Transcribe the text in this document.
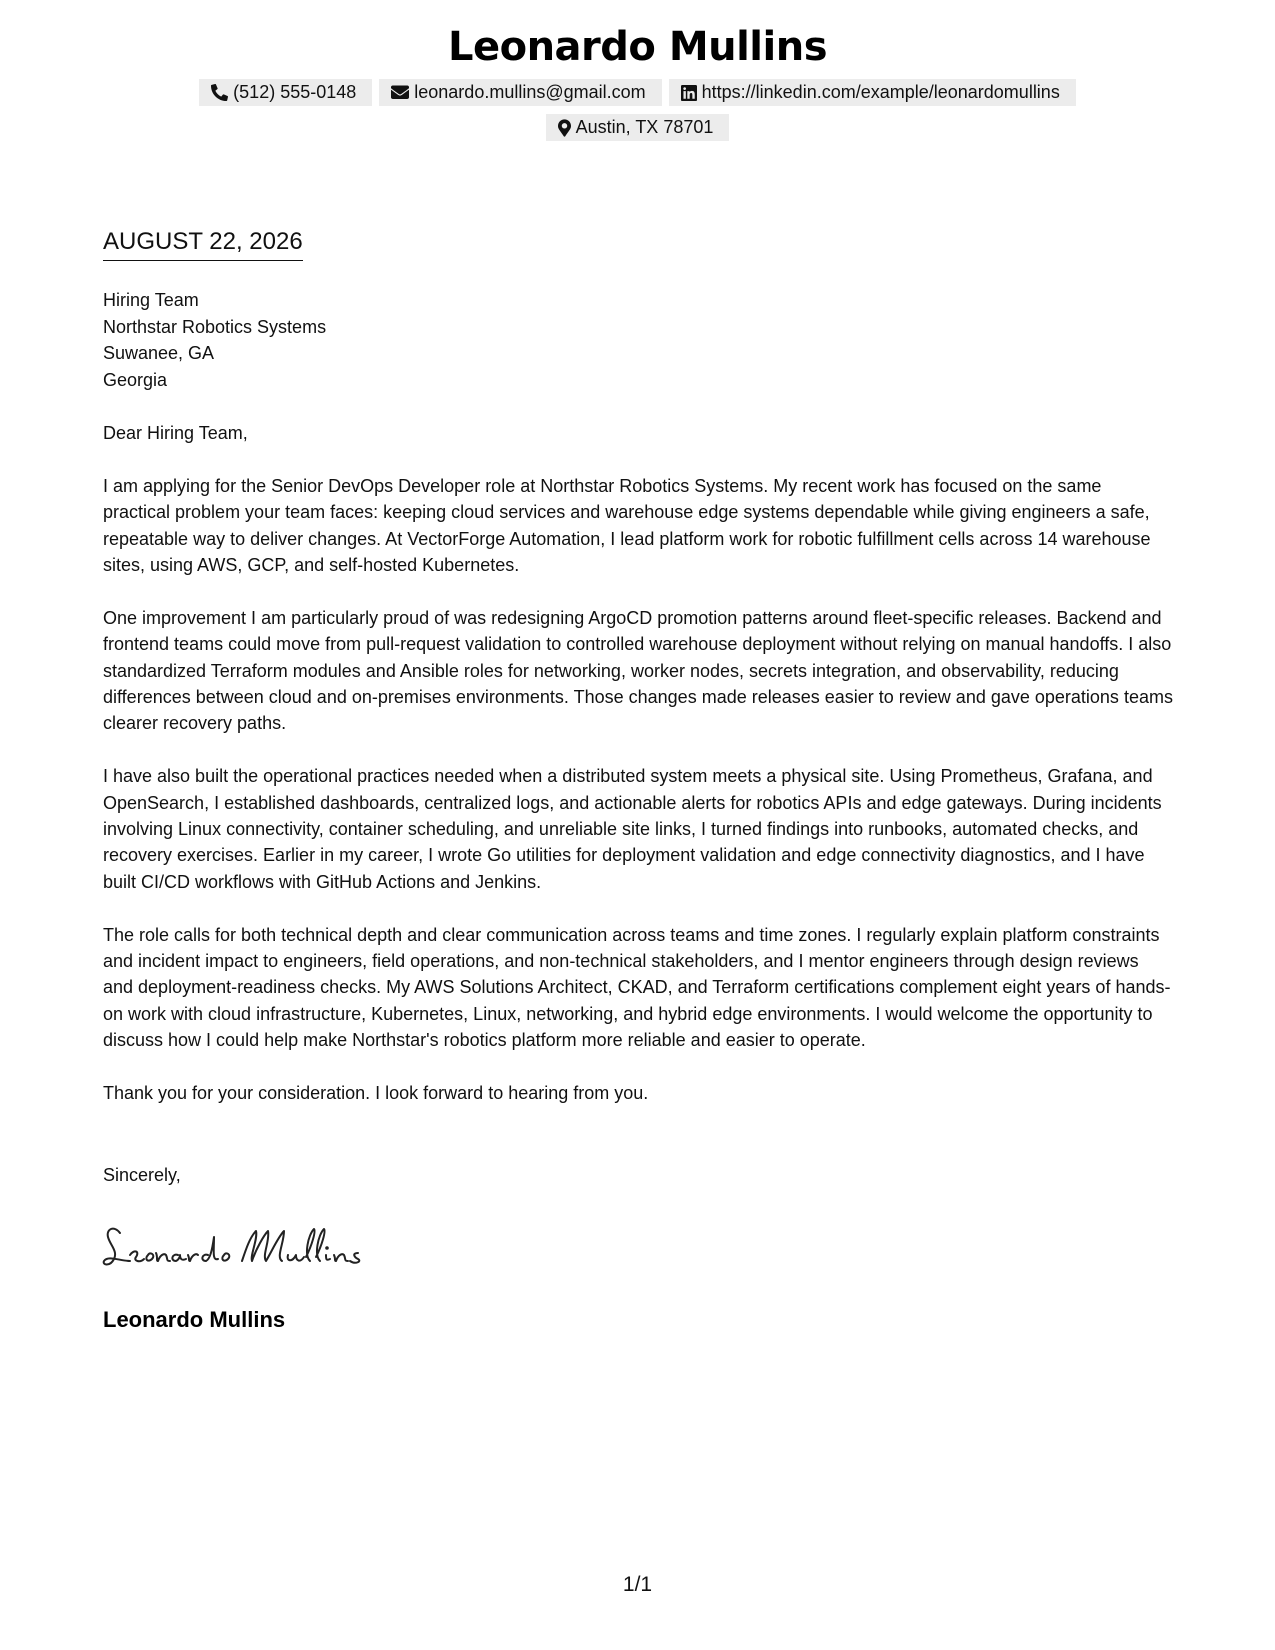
Leonardo Mullins
(512) 555-0148	leonardo.mullins@gmail.com	https://linkedin.com/example/leonardomullins
Austin, TX 78701
AUGUST 22, 2026
Hiring Team
Northstar Robotics Systems
Suwanee, GA
Georgia

Dear Hiring Team,

I am applying for the Senior DevOps Developer role at Northstar Robotics Systems. My recent work has focused on the same practical problem your team faces: keeping cloud services and warehouse edge systems dependable while giving engineers a safe, repeatable way to deliver changes. At VectorForge Automation, I lead platform work for robotic fulfillment cells across 14 warehouse sites, using AWS, GCP, and self-hosted Kubernetes.

One improvement I am particularly proud of was redesigning ArgoCD promotion patterns around fleet-specific releases. Backend and frontend teams could move from pull-request validation to controlled warehouse deployment without relying on manual handoffs. I also standardized Terraform modules and Ansible roles for networking, worker nodes, secrets integration, and observability, reducing differences between cloud and on-premises environments. Those changes made releases easier to review and gave operations teams clearer recovery paths.

I have also built the operational practices needed when a distributed system meets a physical site. Using Prometheus, Grafana, and OpenSearch, I established dashboards, centralized logs, and actionable alerts for robotics APIs and edge gateways. During incidents involving Linux connectivity, container scheduling, and unreliable site links, I turned findings into runbooks, automated checks, and recovery exercises. Earlier in my career, I wrote Go utilities for deployment validation and edge connectivity diagnostics, and I have built CI/CD workflows with GitHub Actions and Jenkins.

The role calls for both technical depth and clear communication across teams and time zones. I regularly explain platform constraints and incident impact to engineers, field operations, and non-technical stakeholders, and I mentor engineers through design reviews and deployment-readiness checks. My AWS Solutions Architect, CKAD, and Terraform certifications complement eight years of hands-on work with cloud infrastructure, Kubernetes, Linux, networking, and hybrid edge environments. I would welcome the opportunity to discuss how I could help make Northstar's robotics platform more reliable and easier to operate.

Thank you for your consideration. I look forward to hearing from you.

Sincerely,
Leonardo Mullins
1/1
